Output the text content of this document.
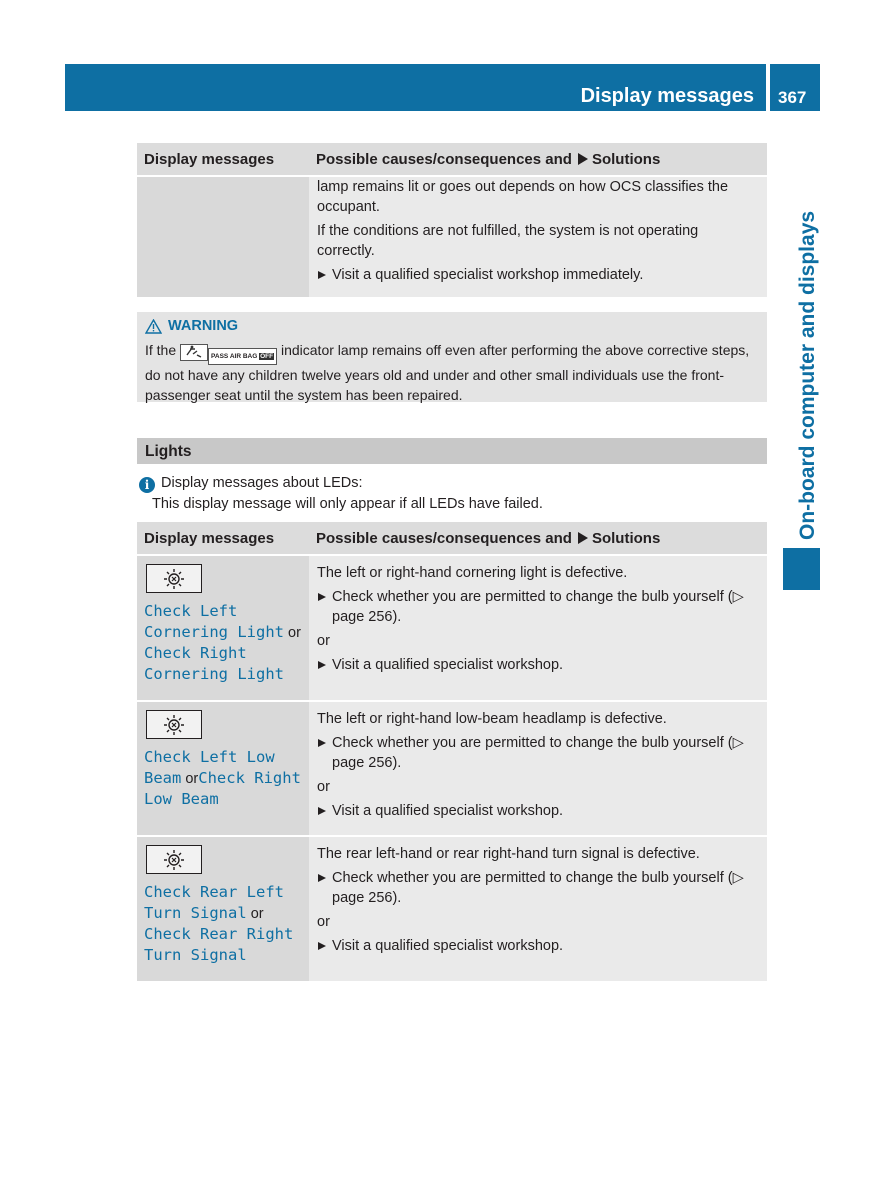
Display messages 367
On-board computer and displays
Display messages	Possible causes/consequences and Solutions

	lamp remains lit or goes out depends on how OCS classifies the occupant.

If the conditions are not fulfilled, the system is not operating correctly.

Visit a qualified specialist workshop immediately.

WARNING
If the	PASS AIR BAG OFF indicator lamp remains off even after performing the above corrective steps, do not have any children twelve years old and under and other small individuals use the front-passenger seat until the system has been repaired.
Lights
i Display messages about LEDs:
This display message will only appear if all LEDs have failed.
Display messages	Possible causes/consequences and Solutions

Check Left Cornering Light or Check Right Cornering Light	The left or right-hand cornering light is defective.

Check whether you are permitted to change the bulb yourself (▷ page 256).

or

Visit a qualified specialist workshop.

Check Left Low Beam orCheck Right Low Beam	The left or right-hand low-beam headlamp is defective.

Check whether you are permitted to change the bulb yourself (▷ page 256).

or

Visit a qualified specialist workshop.

Check Rear Left Turn Signal or Check Rear Right Turn Signal	The rear left-hand or rear right-hand turn signal is defective.

Check whether you are permitted to change the bulb yourself (▷ page 256).

or

Visit a qualified specialist workshop.
